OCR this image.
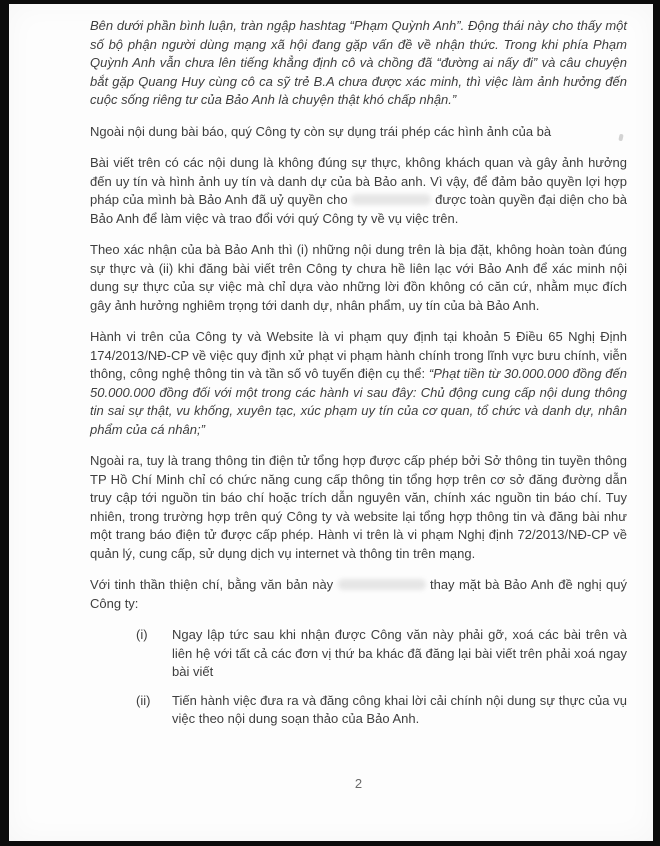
Bên dưới phần bình luận, tràn ngập hashtag “Phạm Quỳnh Anh”. Động thái này cho thấy một số bộ phận người dùng mạng xã hội đang gặp vấn đề về nhận thức. Trong khi phía Phạm Quỳnh Anh vẫn chưa lên tiếng khẳng định cô và chồng đã “đường ai nấy đi” và câu chuyện bắt gặp Quang Huy cùng cô ca sỹ trẻ B.A chưa được xác minh, thì việc làm ảnh hưởng đến cuộc sống riêng tư của Bảo Anh là chuyện thật khó chấp nhận.”

Ngoài nội dung bài báo, quý Công ty còn sự dụng trái phép các hình ảnh của bà

Bài viết trên có các nội dung là không đúng sự thực, không khách quan và gây ảnh hưởng đến uy tín và hình ảnh uy tín và danh dự của bà Bảo anh. Vì vậy, để đảm bảo quyền lợi hợp pháp của mình bà Bảo Anh đã uỷ quyền cho	được toàn quyền đại diện cho bà Bảo Anh để làm việc và trao đổi với quý Công ty về vụ việc trên.

Theo xác nhận của bà Bảo Anh thì (i) những nội dung trên là bịa đặt, không hoàn toàn đúng sự thực và (ii) khi đăng bài viết trên Công ty chưa hề liên lạc với Bảo Anh để xác minh nội dung sự thực của sự việc mà chỉ dựa vào những lời đồn không có căn cứ, nhằm mục đích gây ảnh hưởng nghiêm trọng tới danh dự, nhân phẩm, uy tín của bà Bảo Anh.

Hành vi trên của Công ty và Website là vi phạm quy định tại khoản 5 Điều 65 Nghị Định 174/2013/NĐ-CP về việc quy định xử phạt vi phạm hành chính trong lĩnh vực bưu chính, viễn thông, công nghệ thông tin và tần số vô tuyến điện cụ thể: “Phạt tiền từ 30.000.000 đồng đến 50.000.000 đồng đối với một trong các hành vi sau đây: Chủ động cung cấp nội dung thông tin sai sự thật, vu khống, xuyên tạc, xúc phạm uy tín của cơ quan, tổ chức và danh dự, nhân phẩm của cá nhân;”

Ngoài ra, tuy là trang thông tin điện tử tổng hợp được cấp phép bởi Sở thông tin tuyền thông TP Hồ Chí Minh chỉ có chức năng cung cấp thông tin tổng hợp trên cơ sở đăng đường dẫn truy cập tới nguồn tin báo chí hoặc trích dẫn nguyên văn, chính xác nguồn tin báo chí. Tuy nhiên, trong trường hợp trên quý Công ty và website lại tổng hợp thông tin và đăng bài như một trang báo điện tử được cấp phép. Hành vi trên là vi phạm Nghị định 72/2013/NĐ-CP về quản lý, cung cấp, sử dụng dịch vụ internet và thông tin trên mạng.

Với tinh thần thiện chí, bằng văn bản này	thay mặt bà Bảo Anh đề nghị quý Công ty:

(i)	Ngay lập tức sau khi nhận được Công văn này phải gỡ, xoá các bài trên và liên hệ với tất cả các đơn vị thứ ba khác đã đăng lại bài viết trên phải xoá ngay bài viết
(ii)	Tiến hành việc đưa ra và đăng công khai lời cải chính nội dung sự thực của vụ việc theo nội dung soạn thảo của Bảo Anh.
2
